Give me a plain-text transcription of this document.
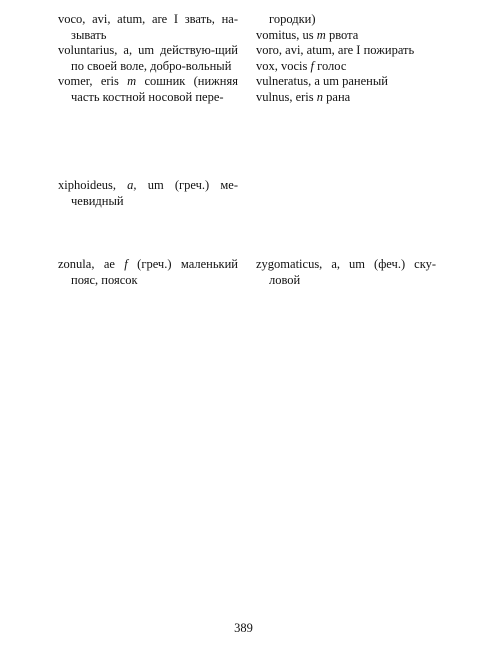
voco, avi, atum, are I звать, на-зывать

voluntarius, a, um действую-щий по своей воле, добро-вольный

vomer, eris m сошник (нижняя часть костной носовой пере-

городки)

vomitus, us m рвота

voro, avi, atum, are I пожирать

vox, vocis f голос

vulneratus, a um раненый

vulnus, eris n рана

xiphoideus, a, um (греч.) ме-чевидный

zonula, ae f (греч.) маленький пояс, поясок

zygomaticus, a, um (феч.) ску-ловой

389
